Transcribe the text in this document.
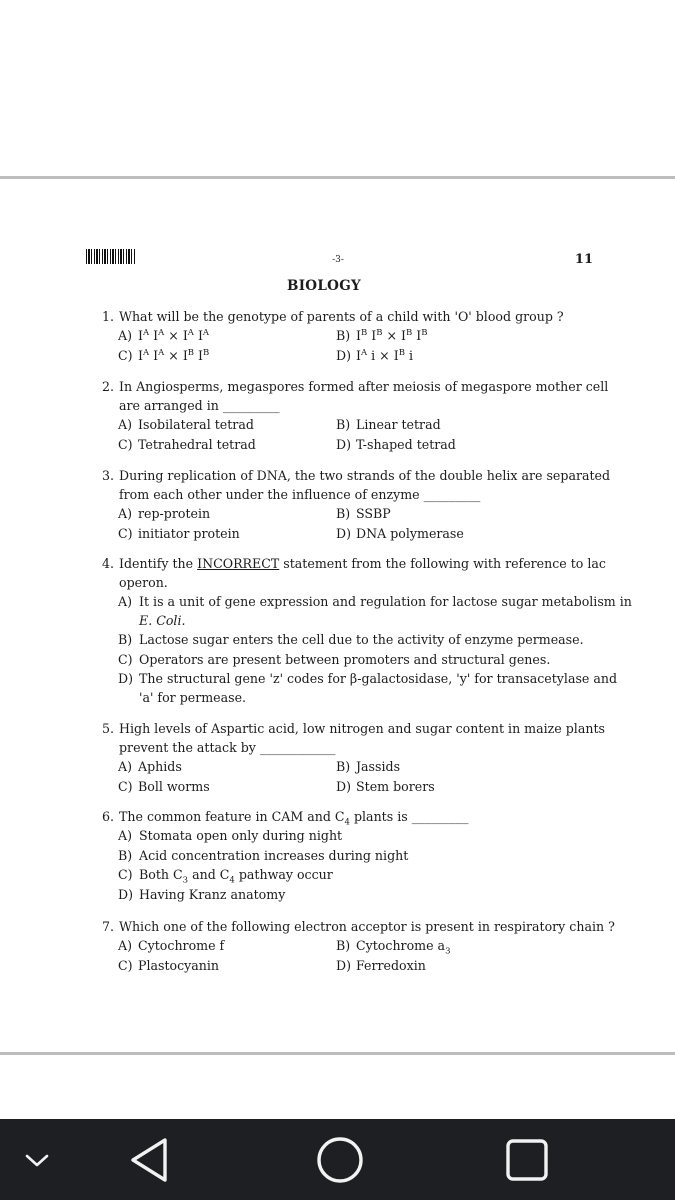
-3-	11
BIOLOGY
1. What will be the genotype of parents of a child with 'O' blood group ?
A) $I^A$ $I^A \times I^A$ $I^A$	B) $I^B$ $I^B \times I^B$ $I^B$
C) $I^A$ $I^A \times I^B$ $I^B$	D) $I^A$ $i \times I^B$ i
2. In Angiosperms, megaspores formed after meiosis of megaspore mother cell
are arranged in _________
A) Isobilateral tetrad	B) Linear tetrad
C) Tetrahedral tetrad	D) T-shaped tetrad
3. During replication of DNA, the two strands of the double helix are separated
from each other under the influence of enzyme _________
A) rep-protein	B) SSBP
C) initiator protein	D) DNA polymerase
4. Identify the INCORRECT statement from the following with reference to lac
operon.
A) It is a unit of gene expression and regulation for lactose sugar metabolism in
E. Coli.
B) Lactose sugar enters the cell due to the activity of enzyme permease.
C) Operators are present between promoters and structural genes.
D) The structural gene 'z' codes for β-galactosidase, 'y' for transacetylase and
'a' for permease.
5. High levels of Aspartic acid, low nitrogen and sugar content in maize plants
prevent the attack by ____________
A) Aphids	B) Jassids
C) Boll worms	D) Stem borers
6. The common feature in CAM and $C_4$ plants is _________
A) Stomata open only during night
B) Acid concentration increases during night
C) Both $C_3$ and $C_4$ pathway occur
D) Having Kranz anatomy
7. Which one of the following electron acceptor is present in respiratory chain ?
A) Cytochrome f	B) Cytochrome $a_3$
C) Plastocyanin	D) Ferredoxin
